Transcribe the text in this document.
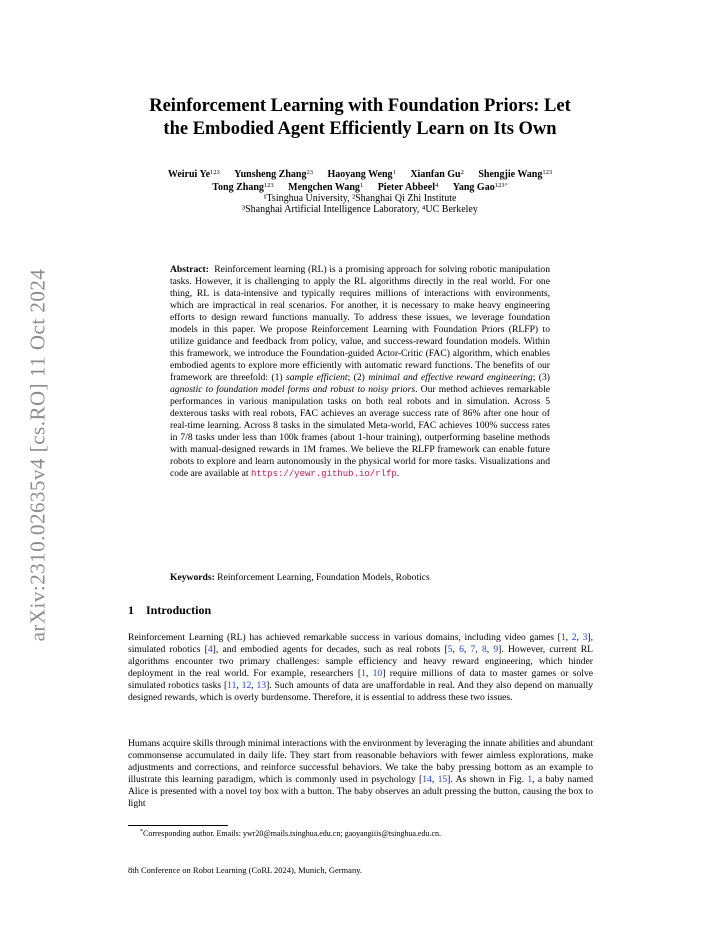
arXiv:2310.02635v4 [cs.RO] 11 Oct 2024
Reinforcement Learning with Foundation Priors: Let
the Embodied Agent Efficiently Learn on Its Own
Weirui Ye$^{123}$ Yunsheng Zhang$^{23}$ Haoyang Weng$^1$ Xianfan Gu$^2$ Shengjie Wang$^{123}$
Tong Zhang$^{123}$ Mengchen Wang$^1$ Pieter Abbeel$^4$ Yang Gao$^{123*}$
¹Tsinghua University, ²Shanghai Qi Zhi Institute
³Shanghai Artificial Intelligence Laboratory, ⁴UC Berkeley
Abstract: Reinforcement learning (RL) is a promising approach for solving robotic manipulation tasks. However, it is challenging to apply the RL algorithms directly in the real world. For one thing, RL is data-intensive and typically requires millions of interactions with environments, which are impractical in real scenarios. For another, it is necessary to make heavy engineering efforts to design reward functions manually. To address these issues, we leverage foundation models in this paper. We propose Reinforcement Learning with Foundation Priors (RLFP) to utilize guidance and feedback from policy, value, and success-reward foundation models. Within this framework, we introduce the Foundation-guided Actor-Critic (FAC) algorithm, which enables embodied agents to explore more efficiently with automatic reward functions. The benefits of our framework are threefold: (1) sample efficient; (2) minimal and effective reward engineering; (3) agnostic to foundation model forms and robust to noisy priors. Our method achieves remarkable performances in various manipulation tasks on both real robots and in simulation. Across 5 dexterous tasks with real robots, FAC achieves an average success rate of 86% after one hour of real-time learning. Across 8 tasks in the simulated Meta-world, FAC achieves 100% success rates in 7/8 tasks under less than 100k frames (about 1-hour training), outperforming baseline methods with manual-designed rewards in 1M frames. We believe the RLFP framework can enable future robots to explore and learn autonomously in the physical world for more tasks. Visualizations and code are available at https://yewr.github.io/rlfp.
Keywords: Reinforcement Learning, Foundation Models, Robotics
1 Introduction
Reinforcement Learning (RL) has achieved remarkable success in various domains, including video games [1, 2, 3], simulated robotics [4], and embodied agents for decades, such as real robots [5, 6, 7, 8, 9]. However, current RL algorithms encounter two primary challenges: sample efficiency and heavy reward engineering, which hinder deployment in the real world. For example, researchers [1, 10] require millions of data to master games or solve simulated robotics tasks [11, 12, 13]. Such amounts of data are unaffordable in real. And they also depend on manually designed rewards, which is overly burdensome. Therefore, it is essential to address these two issues.
Humans acquire skills through minimal interactions with the environment by leveraging the innate abilities and abundant commonsense accumulated in daily life. They start from reasonable behaviors with fewer aimless explorations, make adjustments and corrections, and reinforce successful behaviors. We take the baby pressing bottom as an example to illustrate this learning paradigm, which is commonly used in psychology [14, 15]. As shown in Fig. 1, a baby named Alice is presented with a novel toy box with a button. The baby observes an adult pressing the button, causing the box to light
*Corresponding author. Emails: ywr20@mails.tsinghua.edu.cn; gaoyangiiis@tsinghua.edu.cn.
8th Conference on Robot Learning (CoRL 2024), Munich, Germany.
